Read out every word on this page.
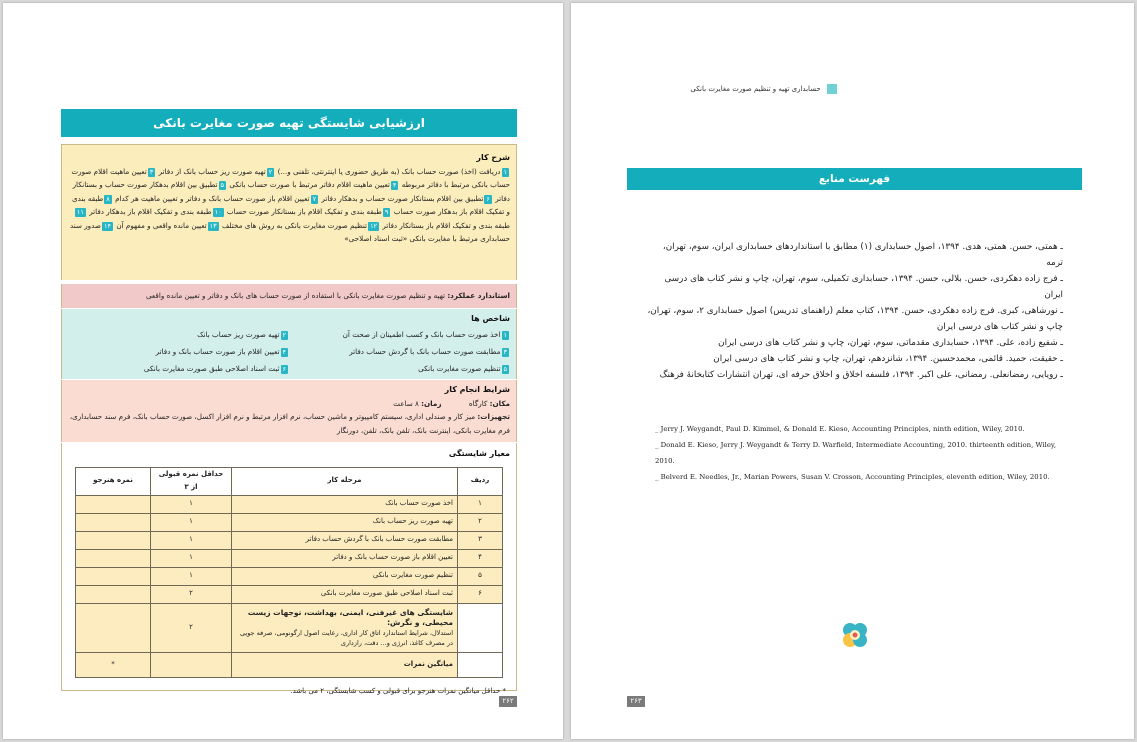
ارزشیابی شایستگی تهیه صورت مغایرت بانکی
شرح کار
۱دریافت (اخذ) صورت حساب بانک (به طریق حضوری یا اینترنتی، تلفنی و...) ۲تهیه صورت ریز حساب بانک از دفاتر ۳تعیین ماهیت اقلام صورت حساب بانکی مرتبط با دفاتر مربوطه ۴تعیین ماهیت اقلام دفاتر مرتبط با صورت حساب بانکی ۵تطبیق بین اقلام بدهکار صورت حساب و بستانکار دفاتر ۶تطبیق بین اقلام بستانکار صورت حساب و بدهکار دفاتر ۷تعیین اقلام باز صورت حساب بانک و دفاتر و تعیین ماهیت هر کدام ۸طبقه بندی و تفکیک اقلام باز بدهکار صورت حساب ۹طبقه بندی و تفکیک اقلام باز بستانکار صورت حساب ۱۰طبقه بندی و تفکیک اقلام باز بدهکار دفاتر ۱۱طبقه بندی و تفکیک اقلام باز بستانکار دفاتر ۱۲تنظیم صورت مغایرت بانکی به روش های مختلف ۱۳تعیین مانده واقعی و مفهوم آن ۱۴صدور سند حسابداری مرتبط با مغایرت بانکی «ثبت اسناد اصلاحی»
استاندارد عملکرد: تهیه و تنظیم صورت مغایرت بانکی با استفاده از صورت حساب های بانک و دفاتر و تعیین مانده واقعی
شاخص ها
۱اخذ صورت حساب بانک و کسب اطمینان از صحت آن
۲تهیه صورت ریز حساب بانک
۳مطابقت صورت حساب بانک با گردش حساب دفاتر
۴تعیین اقلام باز صورت حساب بانک و دفاتر
۵تنظیم صورت مغایرت بانکی
۶ثبت اسناد اصلاحی طبق صورت مغایرت بانکی
شرایط انجام کار
مکان: کارگاه            زمان: ۸ ساعت
تجهیزات: میز کار و صندلی اداری، سیستم کامپیوتر و ماشین حساب، نرم افزار مرتبط و نرم افزار اکسل، صورت حساب بانک، فرم سند حسابداری، فرم مغایرت بانکی، اینترنت بانک، تلفن بانک، تلفن، دورنگار
معیار شایستگی
ردیف	مرحله کار	حداقل نمره قبولی از ۳	نمره هنرجو
۱	اخذ صورت حساب بانک	۱	
۲	تهیه صورت ریز حساب بانک	۱	
۳	مطابقت صورت حساب بانک با گردش حساب دفاتر	۱	
۴	تعیین اقلام باز صورت حساب بانک و دفاتر	۱	
۵	تنظیم صورت مغایرت بانکی	۱	
۶	ثبت اسناد اصلاحی طبق صورت مغایرت بانکی	۲	

	شایستگی های غیرفنی، ایمنی، بهداشت، توجهات زیست محیطی، و نگرش:
استدلال، شرایط استاندارد اتاق کار اداری، رعایت اصول ارگونومی، صرفه جویی در مصرف کاغذ، انرژی و... دقت، رازداری	۲	
	میانگین نمرات		*
* حداقل میانگین نمرات هنرجو برای قبولی و کسب شایستگی، ۲ می باشد.
۲۶۲
حسابداری تهیه و تنظیم صورت مغایرت بانکی
فهرست منابع

ـ همتی، حسن. همتی، هدی. ۱۳۹۴، اصول حسابداری (۱) مطابق با استانداردهای حسابداری ایران، سوم، تهران، ترمه

ـ فرج زاده دهکردی، حسن. بلالی، حسن. ۱۳۹۴، حسابداری تکمیلی، سوم، تهران، چاپ و نشر کتاب های درسی ایران

ـ نورشاهی، کبری. فرج زاده دهکردی، حسن. ۱۳۹۴، کتاب معلم (راهنمای تدریس) اصول حسابداری ۲، سوم، تهران، چاپ و نشر کتاب های درسی ایران

ـ شفیع زاده، علی. ۱۳۹۴، حسابداری مقدماتی، سوم، تهران، چاپ و نشر کتاب های درسی ایران

ـ حقیقت، حمید. قائمی، محمدحسین. ۱۳۹۴، شانزدهم، تهران، چاپ و نشر کتاب های درسی ایران

ـ رویایی، رمضانعلی. رمضانی، علی اکبر. ۱۳۹۴، فلسفه اخلاق و اخلاق حرفه ای، تهران انتشارات کتابخانهٔ فرهنگ

_ Jerry J. Weygandt, Paul D. Kimmel, & Donald E. Kieso, Accounting Principles, ninth edition, Wiley, 2010.

_ Donald E. Kieso, Jerry J. Weygandt & Terry D. Warfield, Intermediate Accounting, 2010. thirteenth edition, Wiley, 2010.

_ Belverd E. Needles, Jr., Marian Powers, Susan V. Crosson, Accounting Principles, eleventh edition, Wiley, 2010.

۲۶۳
